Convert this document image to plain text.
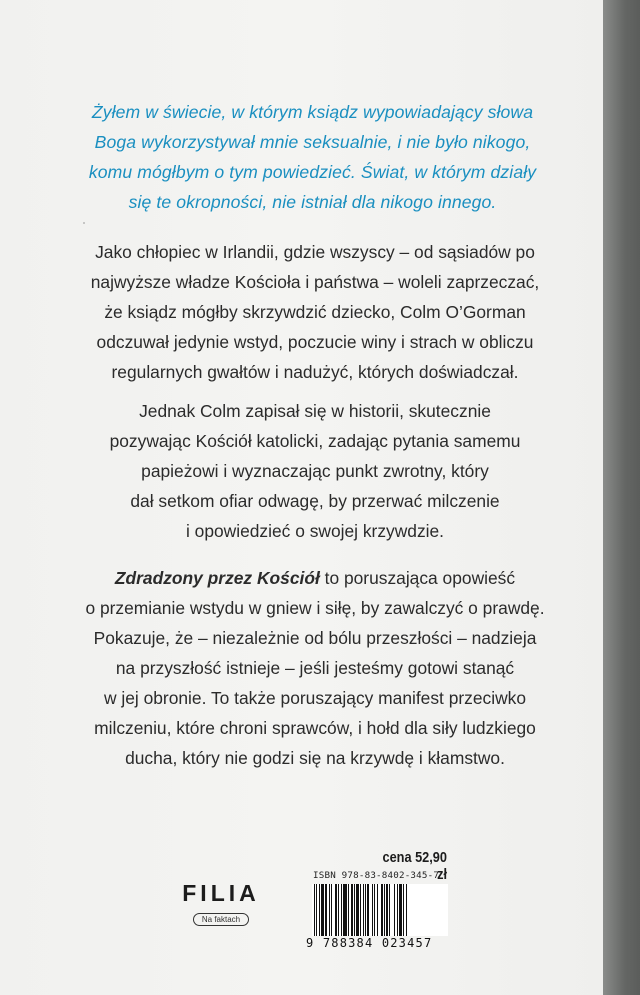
Żyłem w świecie, w którym ksiądz wypowiadający słowa
Boga wykorzystywał mnie seksualnie, i nie było nikogo,
komu mógłbym o tym powiedzieć. Świat, w którym działy
się te okropności, nie istniał dla nikogo innego.
Jako chłopiec w Irlandii, gdzie wszyscy – od sąsiadów po
najwyższe władze Kościoła i państwa – woleli zaprzeczać,
że ksiądz mógłby skrzywdzić dziecko, Colm O’Gorman
odczuwał jedynie wstyd, poczucie winy i strach w obliczu
regularnych gwałtów i nadużyć, których doświadczał.
Jednak Colm zapisał się w historii, skutecznie
pozywając Kościół katolicki, zadając pytania samemu
papieżowi i wyznaczając punkt zwrotny, który
dał setkom ofiar odwagę, by przerwać milczenie
i opowiedzieć o swojej krzywdzie.
Zdradzony przez Kościół to poruszająca opowieść
o przemianie wstydu w gniew i siłę, by zawalczyć o prawdę.
Pokazuje, że – niezależnie od bólu przeszłości – nadzieja
na przyszłość istnieje – jeśli jesteśmy gotowi stanąć
w jej obronie. To także poruszający manifest przeciwko
milczeniu, które chroni sprawców, i hołd dla siły ludzkiego
ducha, który nie godzi się na krzywdę i kłamstwo.
FILIA
Na faktach
cena 52,90 zł
ISBN 978-83-8402-345-7
9 788384 023457
